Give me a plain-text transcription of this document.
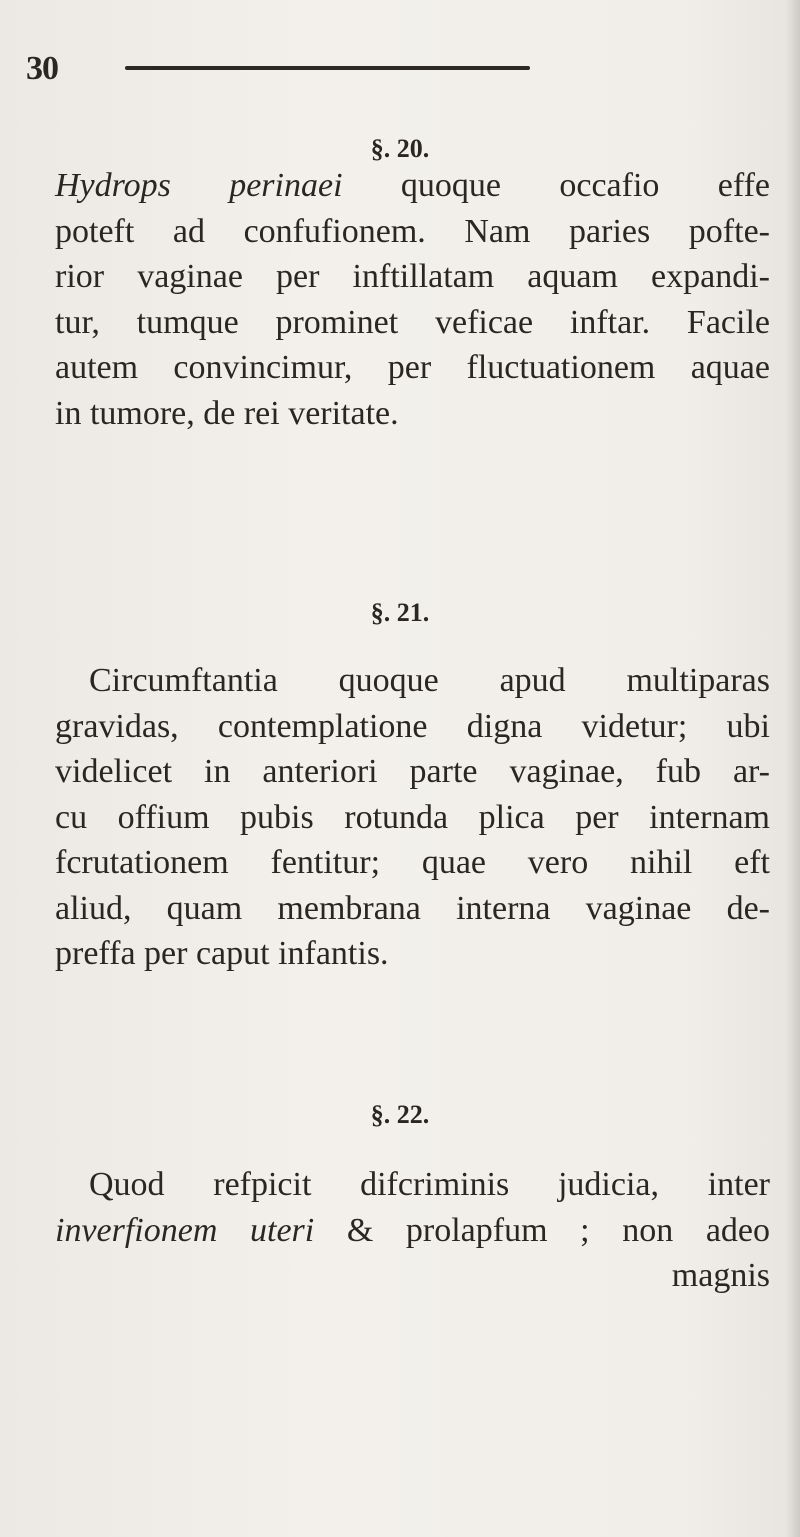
30
§. 20.
Hydrops perinaei quoque occafio effe
poteft ad confufionem. Nam paries pofte-
rior vaginae per inftillatam aquam expandi-
tur, tumque prominet veficae inftar. Facile
autem convincimur, per fluctuationem aquae
in tumore, de rei veritate.
§. 21.
Circumftantia quoque apud multiparas
gravidas, contemplatione digna videtur; ubi
videlicet in anteriori parte vaginae, fub ar-
cu offium pubis rotunda plica per internam
fcrutationem fentitur; quae vero nihil eft
aliud, quam membrana interna vaginae de-
preffa per caput infantis.
§. 22.
Quod refpicit difcriminis judicia, inter
inverfionem uteri & prolapfum ; non adeo
magnis
